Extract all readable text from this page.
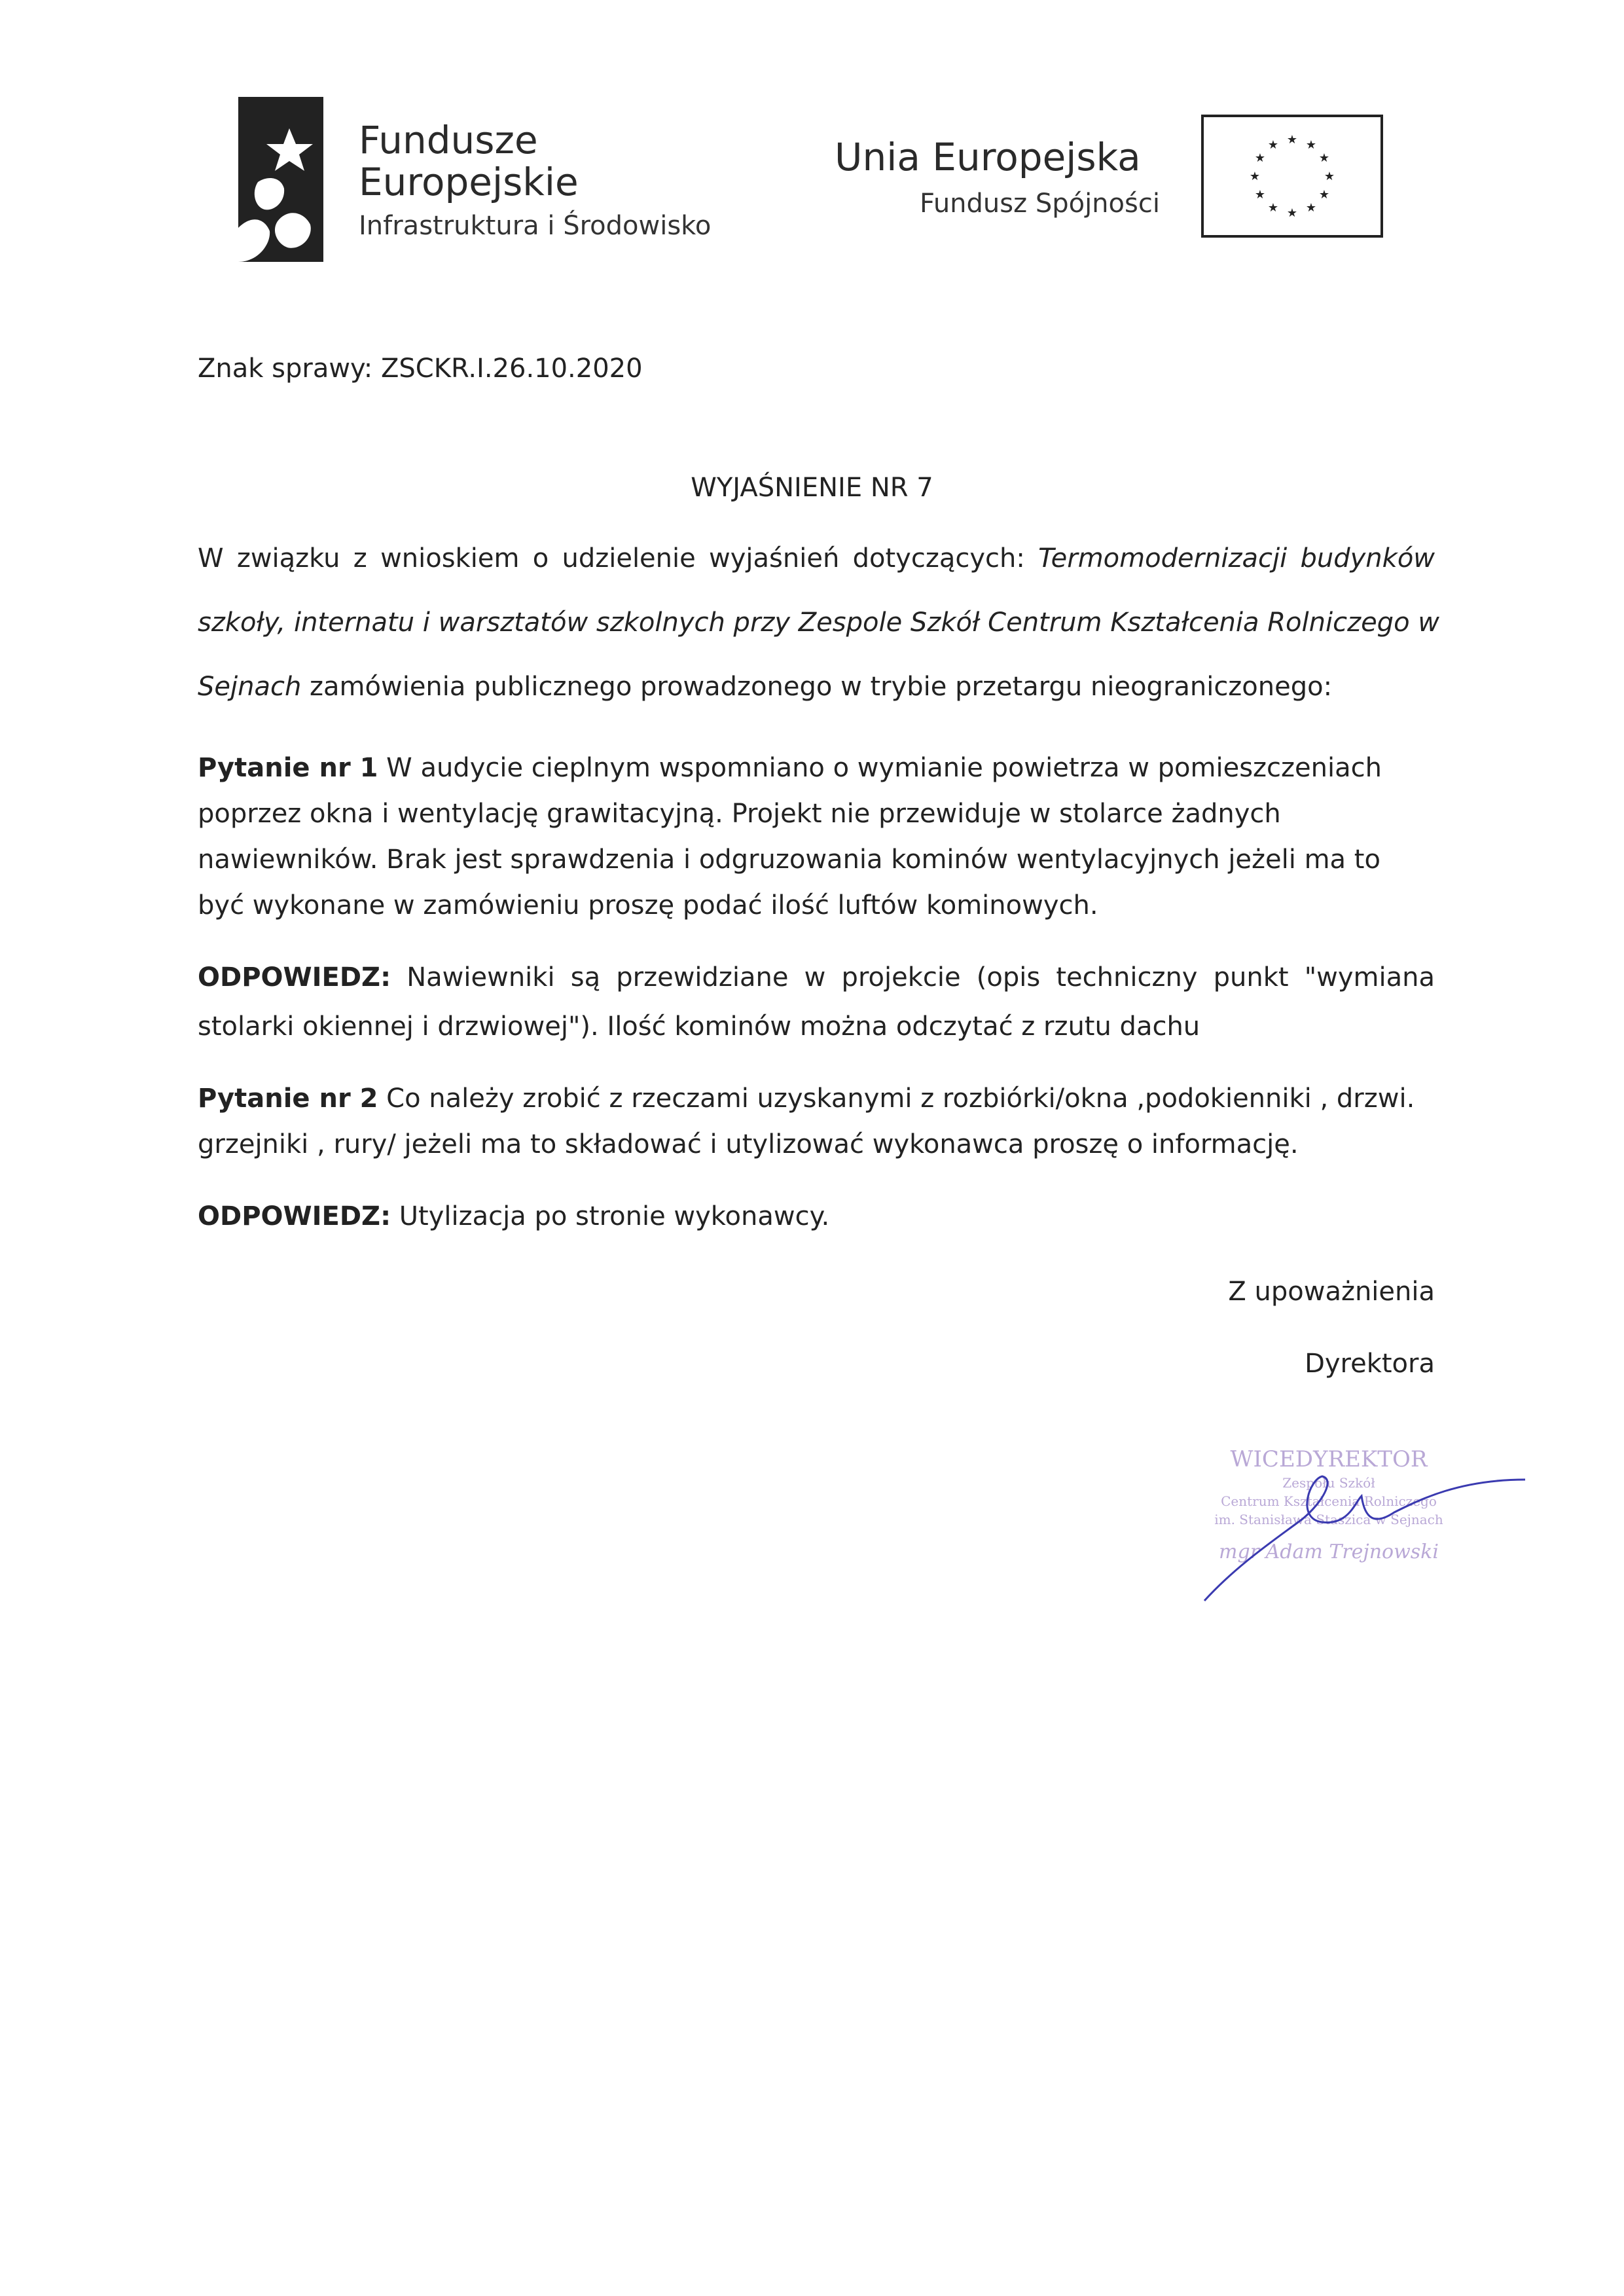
Fundusze
Europejskie
Infrastruktura i Środowisko
Unia Europejska
Fundusz Spójności
★ ★
★
★
★
★
★
★
★
★
★
★
Znak sprawy: ZSCKR.I.26.10.2020
WYJAŚNIENIE NR 7
W związku z wnioskiem o udzielenie wyjaśnień dotyczących: Termomodernizacji budynków
szkoły, internatu i warsztatów szkolnych przy Zespole Szkół Centrum Kształcenia Rolniczego w
Sejnach zamówienia publicznego prowadzonego w trybie przetargu nieograniczonego:
Pytanie nr 1 W audycie cieplnym wspomniano o wymianie powietrza w pomieszczeniach
poprzez okna i wentylację grawitacyjną. Projekt nie przewiduje w stolarce żadnych
nawiewników. Brak jest sprawdzenia i odgruzowania kominów wentylacyjnych jeżeli ma to
być wykonane w zamówieniu proszę podać ilość luftów kominowych.
ODPOWIEDZ: Nawiewniki są przewidziane w projekcie (opis techniczny punkt "wymiana
stolarki okiennej i drzwiowej"). Ilość kominów można odczytać z rzutu dachu
Pytanie nr 2 Co należy zrobić z rzeczami uzyskanymi z rozbiórki/okna ,podokienniki , drzwi.
grzejniki , rury/ jeżeli ma to składować i utylizować wykonawca proszę o informację.
ODPOWIEDZ: Utylizacja po stronie wykonawcy.
Z upoważnienia
Dyrektora
WICEDYREKTOR
Zespołu Szkół
Centrum Kształcenia Rolniczego
im. Stanisława Staszica w Sejnach
mgr Adam Trejnowski
